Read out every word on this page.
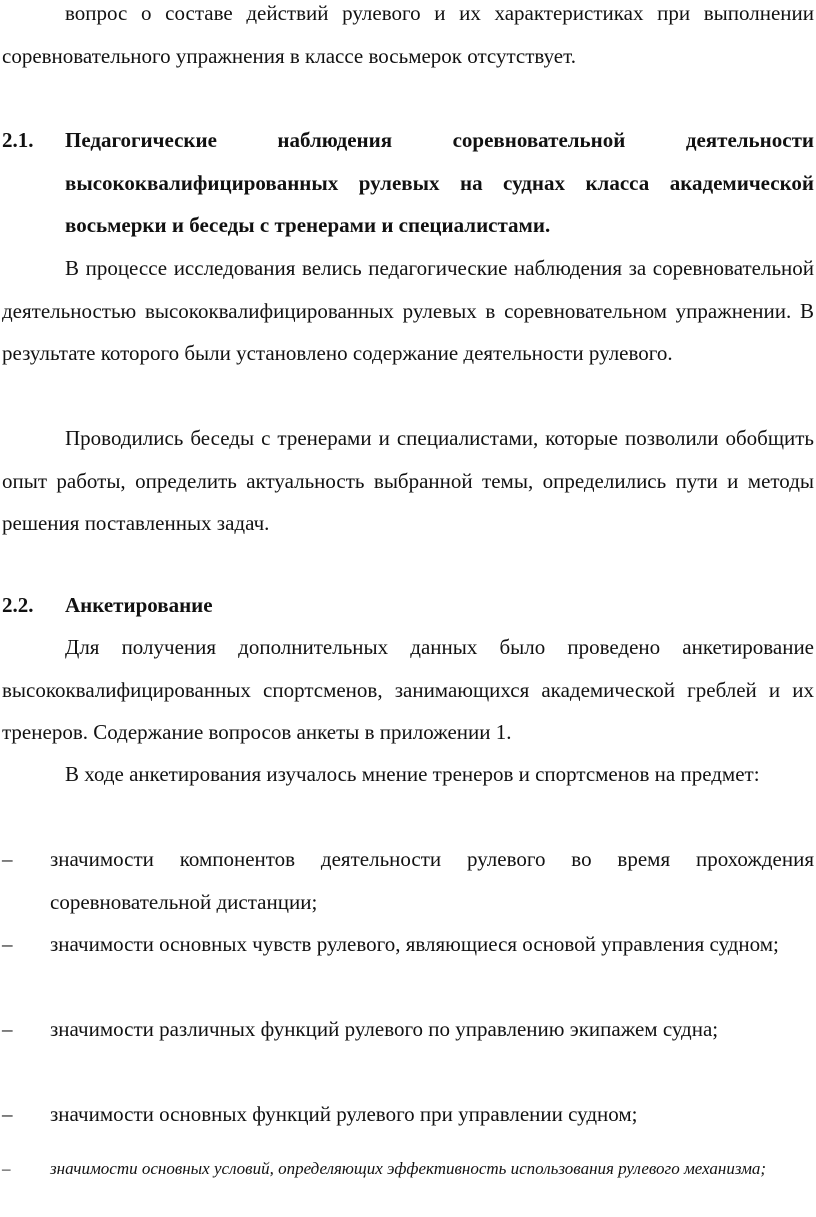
вопрос о составе действий рулевого и их характеристиках при выполнении соревновательного упражнения в классе восьмерок отсутствует.

2.1.	Педагогические наблюдения соревновательной деятельности высококвалифицированных рулевых на суднах класса академической восьмерки и беседы с тренерами и специалистами.

В процессе исследования велись педагогические наблюдения за соревновательной деятельностью высококвалифицированных рулевых в соревновательном упражнении. В результате которого были установлено содержание деятельности рулевого.

Проводились беседы с тренерами и специалистами, которые позволили обобщить опыт работы, определить актуальность выбранной темы, определились пути и методы решения поставленных задач.

2.2.	Анкетирование

Для получения дополнительных данных было проведено анкетирование высококвалифицированных спортсменов, занимающихся академической греблей и их тренеров. Содержание вопросов анкеты в приложении 1.

В ходе анкетирования изучалось мнение тренеров и спортсменов на предмет:

–	значимости компонентов деятельности рулевого во время прохождения соревновательной дистанции;
–	значимости основных чувств рулевого, являющиеся основой управления судном;
–	значимости различных функций рулевого по управлению экипажем судна;
–	значимости основных функций рулевого при управлении судном;
–	значимости основных условий, определяющих эффективность использования рулевого механизма;
